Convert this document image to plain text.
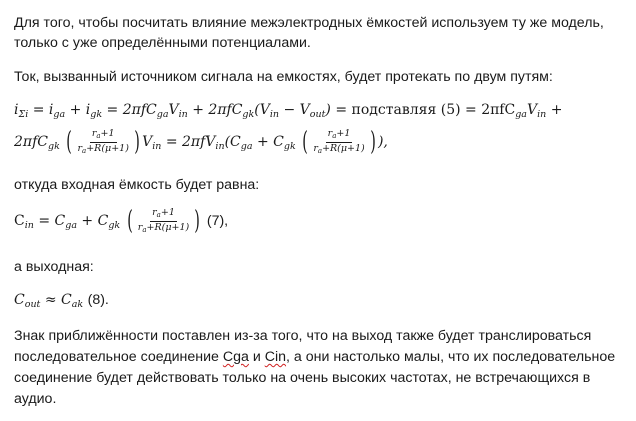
Для того, чтобы посчитать влияние межэлектродных ёмкостей используем ту же модель,
только с уже определёнными потенциалами.
Ток, вызванный источником сигнала на емкостях, будет протекать по двум путям:
$i_{\Sigma i} = i_{ga} + i_{gk} = 2\pi fC_{ga}V_{in} + 2\pi fC_{gk}(V_{in} - V_{out})$ = подставляя $(5) = 2\pi fC_{ga}V_{in}$ +
2πfC$_{gk}$ ( $\frac{r_a+1}{r_a+R(\mu+1)}$ ) $V_{in} = 2\pi fV_{in}(C_{ga} + C_{gk}$ ( $\frac{r_a+1}{r_a+R(\mu+1)}$ ) ),
откуда входная ёмкость будет равна:
$C_{in} = C_{ga} + C_{gk}$ ( $\frac{r_a+1}{r_a+R(\mu+1)}$ ) (7),
а выходная:
$C_{out} \approx C_{ak}$ (8).
Знак приближённости поставлен из-за того, что на выход также будет транслироваться
последовательное соединение Сga и Cin, а они настолько малы, что их последовательное
соединение будет действовать только на очень высоких частотах, не встречающихся в
аудио.
